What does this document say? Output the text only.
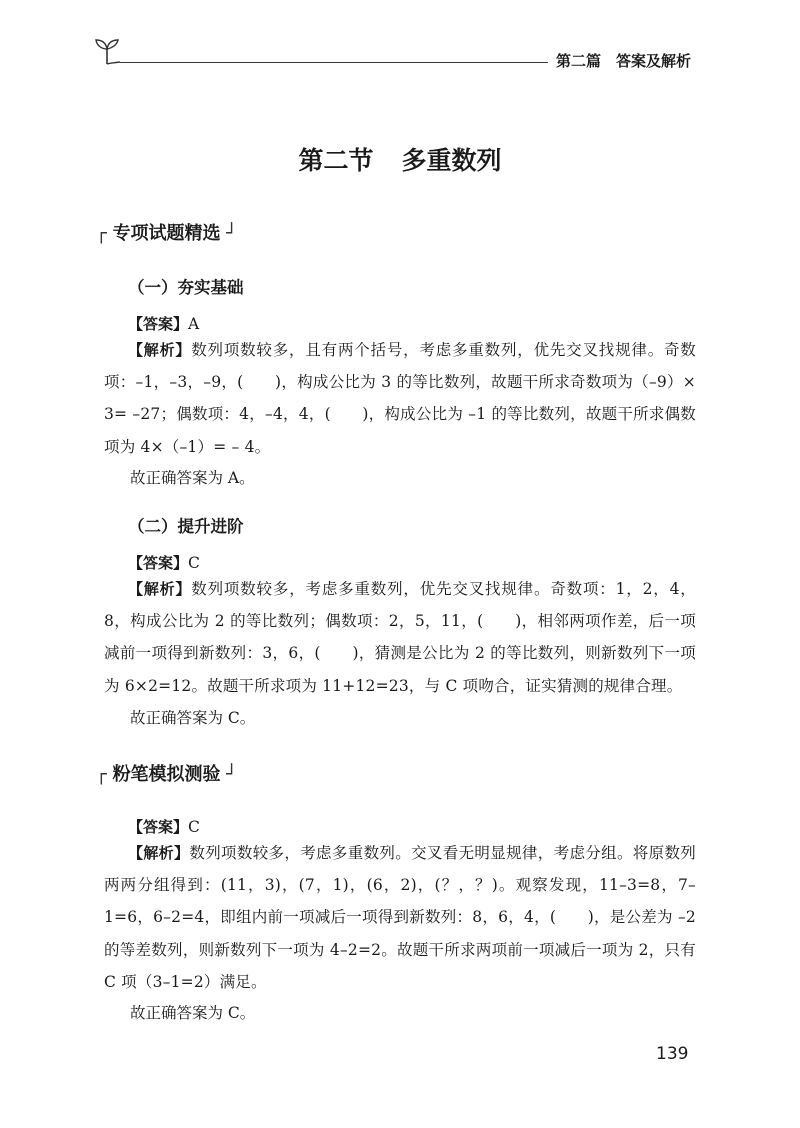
第二篇　答案及解析
第二节 多重数列
┌ 专项试题精选 ┘
（一）夯实基础
【答案】A
【解析】数列项数较多，且有两个括号，考虑多重数列，优先交叉找规律。奇数项：–1，–3，–9，(　　)，构成公比为 3 的等比数列，故题干所求奇数项为（–9）× 3= –27；偶数项：4，–4，4，(　　)，构成公比为 –1 的等比数列，故题干所求偶数项为 4×（–1）= – 4。
故正确答案为 A。
（二）提升进阶
【答案】C
【解析】数列项数较多，考虑多重数列，优先交叉找规律。奇数项：1，2，4，8，构成公比为 2 的等比数列；偶数项：2，5，11，(　　)，相邻两项作差，后一项减前一项得到新数列：3，6，(　　)，猜测是公比为 2 的等比数列，则新数列下一项为 6×2=12。故题干所求项为 11+12=23，与 C 项吻合，证实猜测的规律合理。
故正确答案为 C。
┌ 粉笔模拟测验 ┘
【答案】C
【解析】数列项数较多，考虑多重数列。交叉看无明显规律，考虑分组。将原数列两两分组得到：(11，3)，(7，1)，(6，2)，(？，？)。观察发现，11–3=8，7–1=6，6–2=4，即组内前一项减后一项得到新数列：8，6，4，(　　)，是公差为 –2 的等差数列，则新数列下一项为 4–2=2。故题干所求两项前一项减后一项为 2，只有 C 项（3–1=2）满足。
故正确答案为 C。
139
